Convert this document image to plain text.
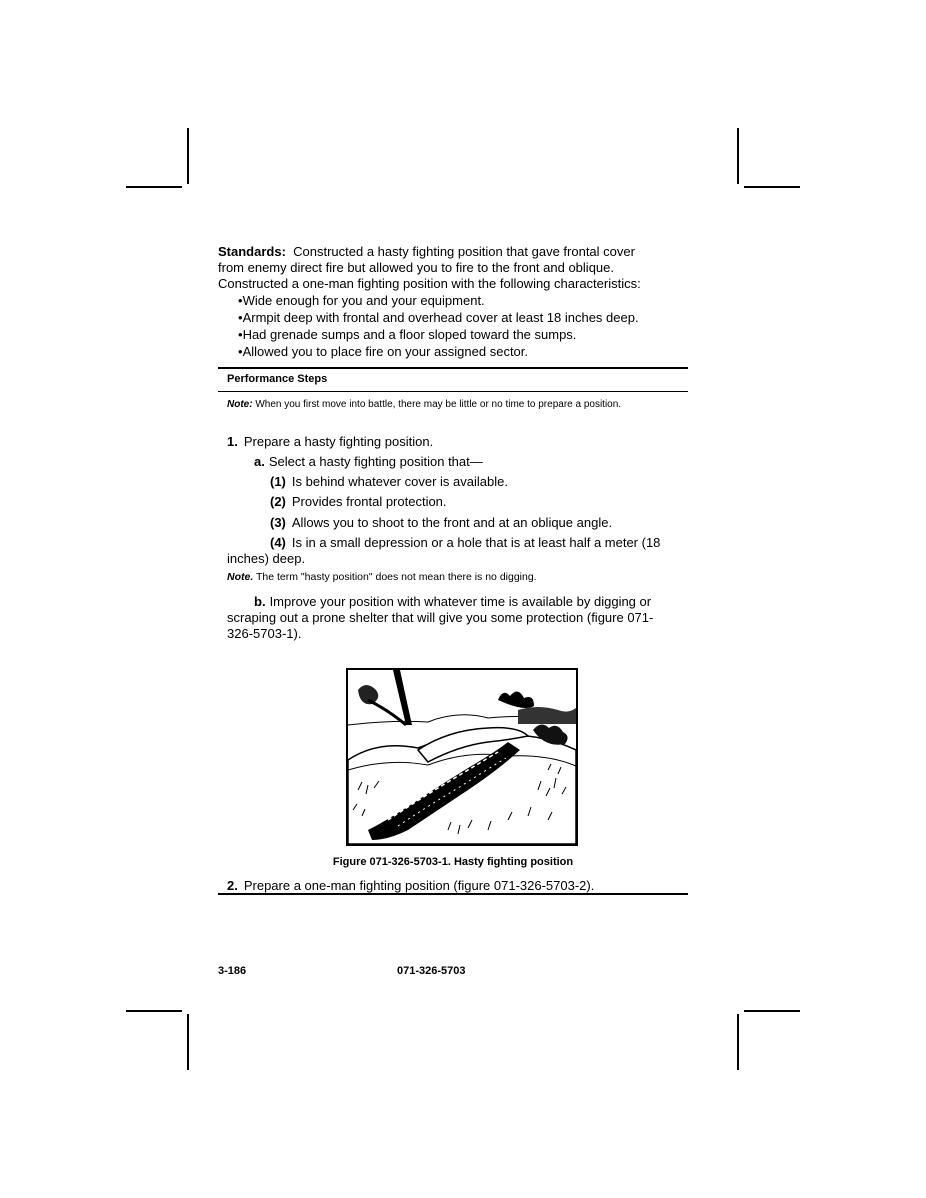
Standards: Constructed a hasty fighting position that gave frontal cover
from enemy direct fire but allowed you to fire to the front and oblique.
Constructed a one-man fighting position with the following characteristics:
•Wide enough for you and your equipment.
•Armpit deep with frontal and overhead cover at least 18 inches deep.
•Had grenade sumps and a floor sloped toward the sumps.
•Allowed you to place fire on your assigned sector.
Performance Steps
Note: When you first move into battle, there may be little or no time to prepare a position.
1. Prepare a hasty fighting position.
a. Select a hasty fighting position that—
(1) Is behind whatever cover is available.
(2) Provides frontal protection.
(3) Allows you to shoot to the front and at an oblique angle.
(4) Is in a small depression or a hole that is at least half a meter (18
inches) deep.
Note. The term "hasty position" does not mean there is no digging.
b. Improve your position with whatever time is available by digging or
scraping out a prone shelter that will give you some protection (figure 071-
326-5703-1).
Figure 071-326-5703-1. Hasty fighting position
2. Prepare a one-man fighting position (figure 071-326-5703-2).
3-186	071-326-5703
